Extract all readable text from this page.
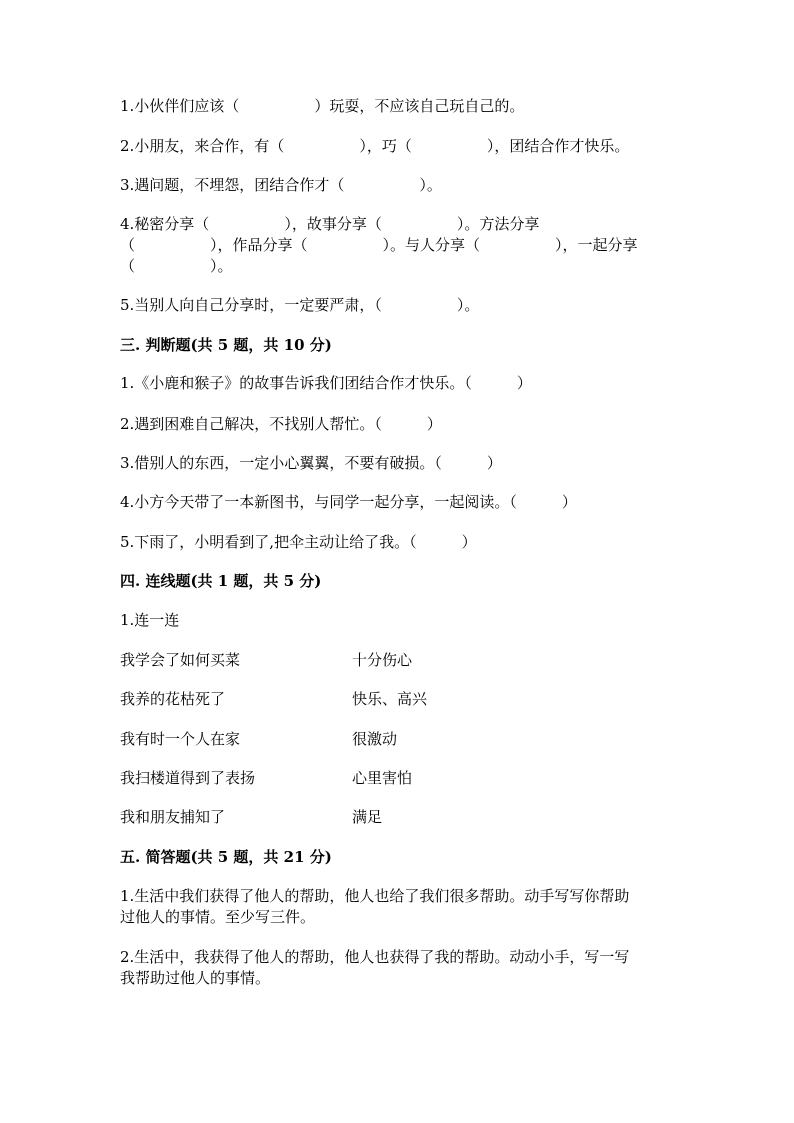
1.小伙伴们应该（　　　　　）玩耍，不应该自己玩自己的。
2.小朋友，来合作，有（　　　　　），巧（　　　　　），团结合作才快乐。
3.遇问题，不埋怨，团结合作才（　　　　　）。
4.秘密分享（　　　　　），故事分享（　　　　　）。方法分享
（　　　　　），作品分享（　　　　　）。与人分享（　　　　　），一起分享
（　　　　　）。
5.当别人向自己分享时，一定要严肃，（　　　　　）。
三. 判断题(共 5 题，共 10 分)
1.《小鹿和猴子》的故事告诉我们团结合作才快乐。（　　　）
2.遇到困难自己解决，不找别人帮忙。（　　　）
3.借别人的东西，一定小心翼翼，不要有破损。（　　　）
4.小方今天带了一本新图书，与同学一起分享，一起阅读。（　　　）
5.下雨了，小明看到了,把伞主动让给了我。（　　　）
四. 连线题(共 1 题，共 5 分)
1.连一连
我学会了如何买菜	十分伤心
我养的花枯死了	快乐、高兴
我有时一个人在家	很激动
我扫楼道得到了表扬	心里害怕
我和朋友捕知了	满足
五. 简答题(共 5 题，共 21 分)
1.生活中我们获得了他人的帮助，他人也给了我们很多帮助。动手写写你帮助
过他人的事情。至少写三件。
2.生活中，我获得了他人的帮助，他人也获得了我的帮助。动动小手，写一写
我帮助过他人的事情。
